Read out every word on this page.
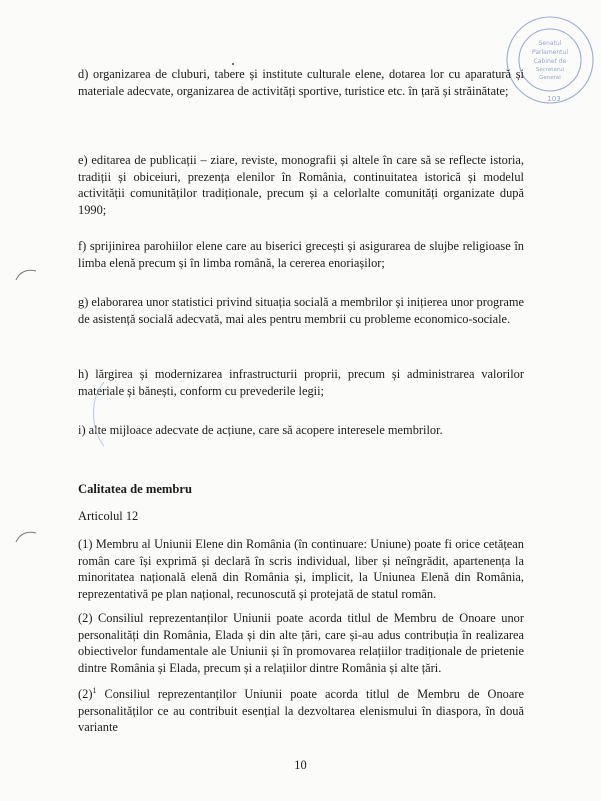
Senatul
Parlamentul
Cabinet de
Secretarul
General
103

d) organizarea de cluburi, tabere și institute culturale elene, dotarea lor cu aparatură și materiale adecvate, organizarea de activități sportive, turistice etc. în țară și străinătate;

e) editarea de publicații – ziare, reviste, monografii și altele în care să se reflecte istoria, tradiții și obiceiuri, prezența elenilor în România, continuitatea istorică și modelul activității comunităților tradiționale, precum și a celorlalte comunități organizate după 1990;

f) sprijinirea parohiilor elene care au biserici grecești și asigurarea de slujbe religioase în limba elenă precum și în limba română, la cererea enoriașilor;

g) elaborarea unor statistici privind situația socială a membrilor și inițierea unor programe de asistență socială adecvată, mai ales pentru membrii cu probleme economico-sociale.

h) lărgirea și modernizarea infrastructurii proprii, precum și administrarea valorilor materiale și bănești, conform cu prevederile legii;

i) alte mijloace adecvate de acțiune, care să acopere interesele membrilor.

Calitatea de membru

Articolul 12

(1) Membru al Uniunii Elene din România (în continuare: Uniune) poate fi orice cetățean român care își exprimă și declară în scris individual, liber și neîngrădit, apartenența la minoritatea națională elenă din România și, implicit, la Uniunea Elenă din România, reprezentativă pe plan național, recunoscută și protejată de statul român.

(2) Consiliul reprezentanților Uniunii poate acorda titlul de Membru de Onoare unor personalități din România, Elada și din alte țări, care și-au adus contribuția în realizarea obiectivelor fundamentale ale Uniunii și în promovarea relațiilor tradiționale de prietenie dintre România și Elada, precum și a relațiilor dintre România și alte țări.

$(2)^1$ Consiliul reprezentanților Uniunii poate acorda titlul de Membru de Onoare personalităților ce au contribuit esențial la dezvoltarea elenismului în diaspora, în două variante

10
